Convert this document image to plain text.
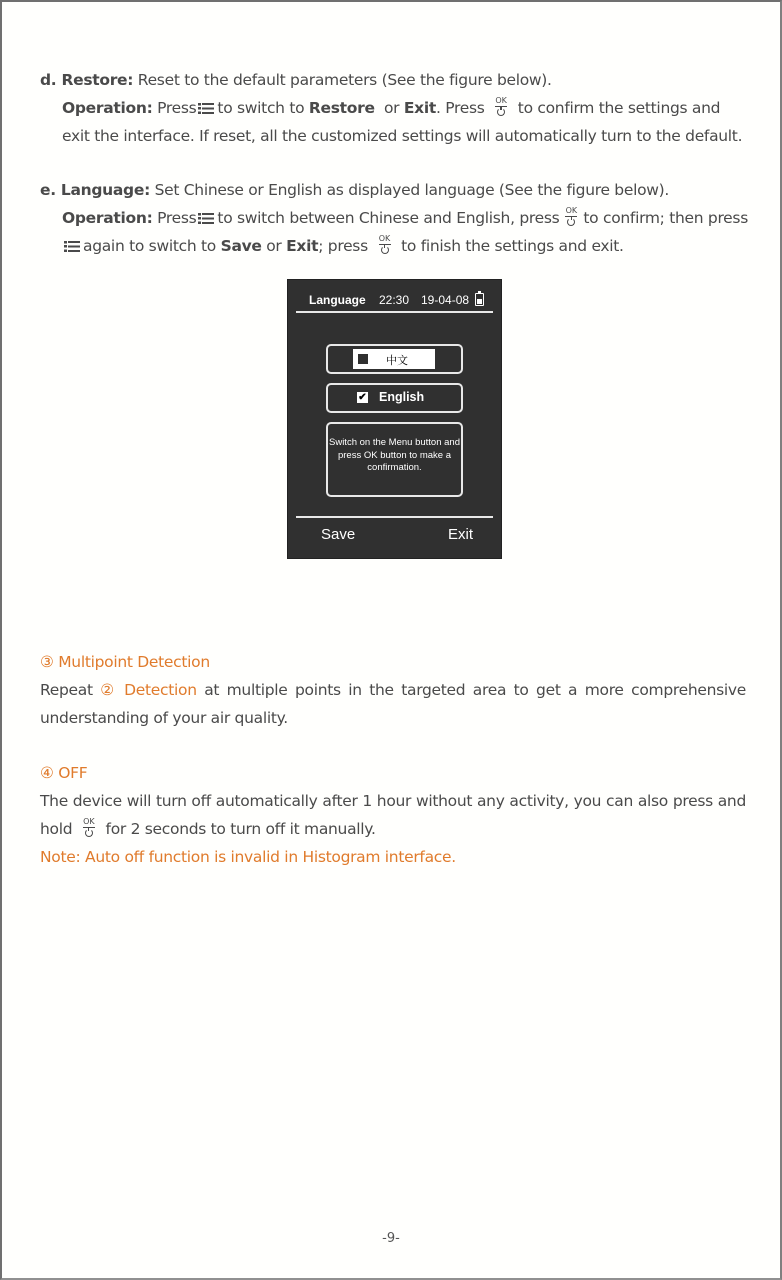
d. Restore: Reset to the default parameters (See the figure below).
Operation: Press to switch to Restore  or Exit. Press	OK to confirm the settings and exit the interface. If reset, all the customized settings will automatically turn to the default.
e. Language: Set Chinese or English as displayed language (See the figure below).
Operation: Press to switch between Chinese and English, press OK to confirm; then press
again to switch to Save or Exit; press	OK to finish the settings and exit.
Language 22:30 19-04-08
中文
✔ English
Switch on the Menu button and press OK button to make a confirmation.
Save	Exit
③ Multipoint Detection
Repeat ② Detection at multiple points in the targeted area to get a more comprehensive understanding of your air quality.
④ OFF
The device will turn off automatically after 1 hour without any activity, you can also press and hold	OK for 2 seconds to turn off it manually.
Note: Auto off function is invalid in Histogram interface.
-9-
